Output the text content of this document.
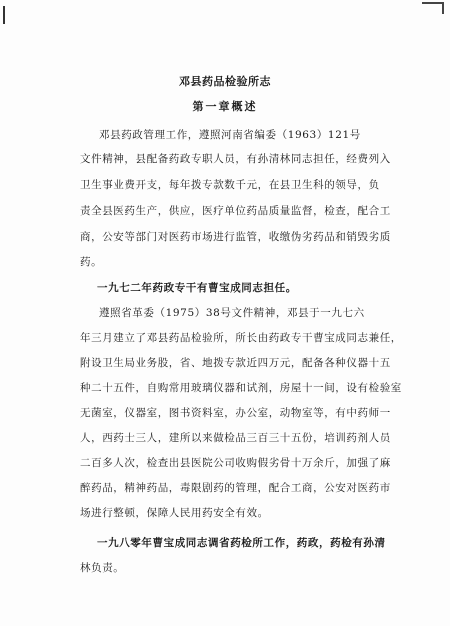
邓县药品检验所志
第一章概述
邓县药政管理工作，遵照河南省编委（1963）121号
文件精神，县配备药政专职人员，有孙清林同志担任，经费列入
卫生事业费开支，每年拨专款数千元，在县卫生科的领导，负
责全县医药生产，供应，医疗单位药品质量监督，检查，配合工
商，公安等部门对医药市场进行监管，收缴伪劣药品和销毁劣质
药。
一九七二年药政专干有曹宝成同志担任。
遵照省革委（1975）38号文件精神，邓县于一九七六
年三月建立了邓县药品检验所，所长由药政专干曹宝成同志兼任，
附设卫生局业务股，省、地拨专款近四万元，配备各种仪器十五
种二十五件，自购常用玻璃仪器和试剂，房屋十一间，设有检验室
无菌室，仪器室，图书资料室，办公室，动物室等，有中药师一
人，西药士三人，建所以来做检品三百三十五份，培训药剂人员
二百多人次，检查出县医院公司收购假劣骨十万余斤，加强了麻
醉药品，精神药品，毒限剧药的管理，配合工商，公安对医药市
场进行整顿，保障人民用药安全有效。
一九八零年曹宝成同志调省药检所工作，药政，药检有孙清
林负责。
